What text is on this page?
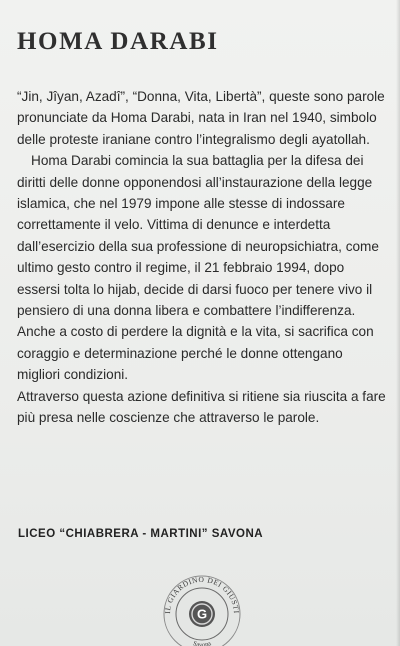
HOMA DARABI

“Jin, Jîyan, Azadî”, “Donna, Vita, Libertà”, queste sono parole pronunciate da Homa Darabi, nata in Iran nel 1940, simbolo delle proteste iraniane contro l’integralismo degli ayatollah.

Homa Darabi comincia la sua battaglia per la difesa dei diritti delle donne opponendosi all’instaurazione della legge islamica, che nel 1979 impone alle stesse di indossare correttamente il velo. Vittima di denunce e interdetta dall’esercizio della sua professione di neuropsichiatra, come ultimo gesto contro il regime, il 21 febbraio 1994, dopo essersi tolta lo hijab, decide di darsi fuoco per tenere vivo il pensiero di una donna libera e combattere l’indifferenza. Anche a costo di perdere la dignità e la vita, si sacrifica con coraggio e determinazione perché le donne ottengano migliori condizioni.

Attraverso questa azione definitiva si ritiene sia riuscita a fare più presa nelle coscienze che attraverso le parole.

LICEO “CHIABRERA - MARTINI” SAVONA
IL GIARDINO DEI GIUSTI
G
Savona
